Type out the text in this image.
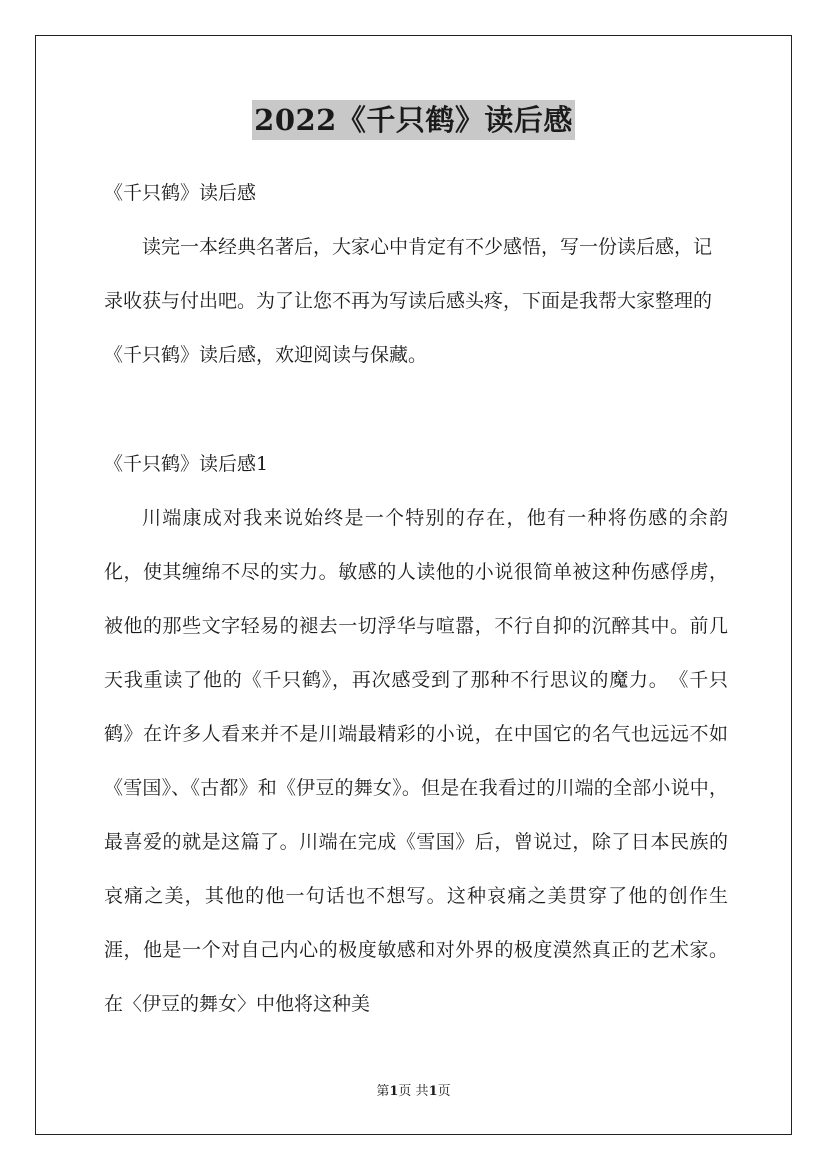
2022《千只鹤》读后感

《千只鹤》读后感

读完一本经典名著后，大家心中肯定有不少感悟，写一份读后感，记录收获与付出吧。为了让您不再为写读后感头疼，下面是我帮大家整理的《千只鹤》读后感，欢迎阅读与保藏。

《千只鹤》读后感1

川端康成对我来说始终是一个特别的存在，他有一种将伤感的余韵化，使其缠绵不尽的实力。敏感的人读他的小说很简单被这种伤感俘虏，被他的那些文字轻易的褪去一切浮华与喧嚣，不行自抑的沉醉其中。前几天我重读了他的《千只鹤》，再次感受到了那种不行思议的魔力。　《千只鹤》在许多人看来并不是川端最精彩的小说，在中国它的名气也远远不如《雪国》、《古都》和《伊豆的舞女》。但是在我看过的川端的全部小说中，最喜爱的就是这篇了。川端在完成《雪国》后，曾说过，除了日本民族的哀痛之美，其他的他一句话也不想写。这种哀痛之美贯穿了他的创作生涯，他是一个对自己内心的极度敏感和对外界的极度漠然真正的艺术家。在〈伊豆的舞女〉中他将这种美

第1页 共1页
